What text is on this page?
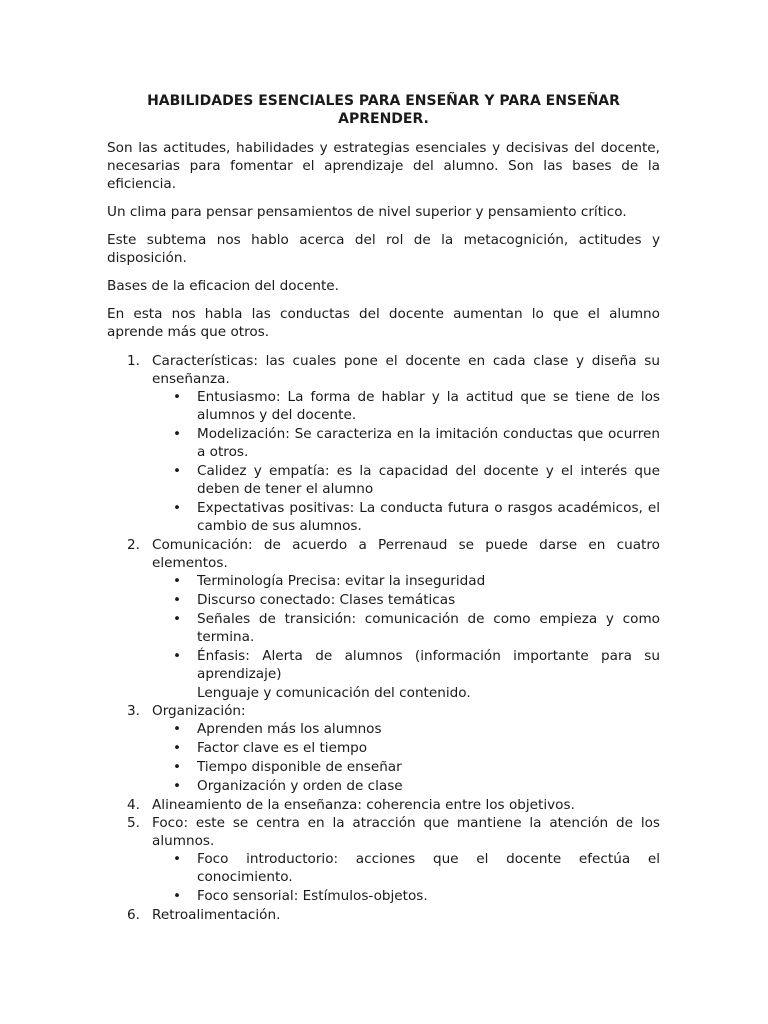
HABILIDADES ESENCIALES PARA ENSEÑAR Y PARA ENSEÑAR APRENDER.

Son las actitudes, habilidades y estrategias esenciales y decisivas del docente, necesarias para fomentar el aprendizaje del alumno. Son las bases de la eficiencia.

Un clima para pensar pensamientos de nivel superior y pensamiento crítico.

Este subtema nos hablo acerca del rol de la metacognición, actitudes y disposición.

Bases de la eficacion del docente.

En esta nos habla las conductas del docente aumentan lo que el alumno aprende más que otros.

1. Características: las cuales pone el docente en cada clase y diseña su enseñanza.
• Entusiasmo: La forma de hablar y la actitud que se tiene de los alumnos y del docente.
• Modelización: Se caracteriza en la imitación conductas que ocurren a otros.
• Calidez y empatía: es la capacidad del docente y el interés que deben de tener el alumno
• Expectativas positivas: La conducta futura o rasgos académicos, el cambio de sus alumnos.
2. Comunicación: de acuerdo a Perrenaud se puede darse en cuatro elementos.
• Terminología Precisa: evitar la inseguridad
• Discurso conectado: Clases temáticas
• Señales de transición: comunicación de como empieza y como termina.
• Énfasis: Alerta de alumnos (información importante para su aprendizaje)
Lenguaje y comunicación del contenido.
3. Organización:
• Aprenden más los alumnos
• Factor clave es el tiempo
• Tiempo disponible de enseñar
• Organización y orden de clase
4. Alineamiento de la enseñanza: coherencia entre los objetivos.
5. Foco: este se centra en la atracción que mantiene la atención de los alumnos.
• Foco introductorio: acciones que el docente efectúa el conocimiento.
• Foco sensorial: Estímulos-objetos.
6. Retroalimentación.
